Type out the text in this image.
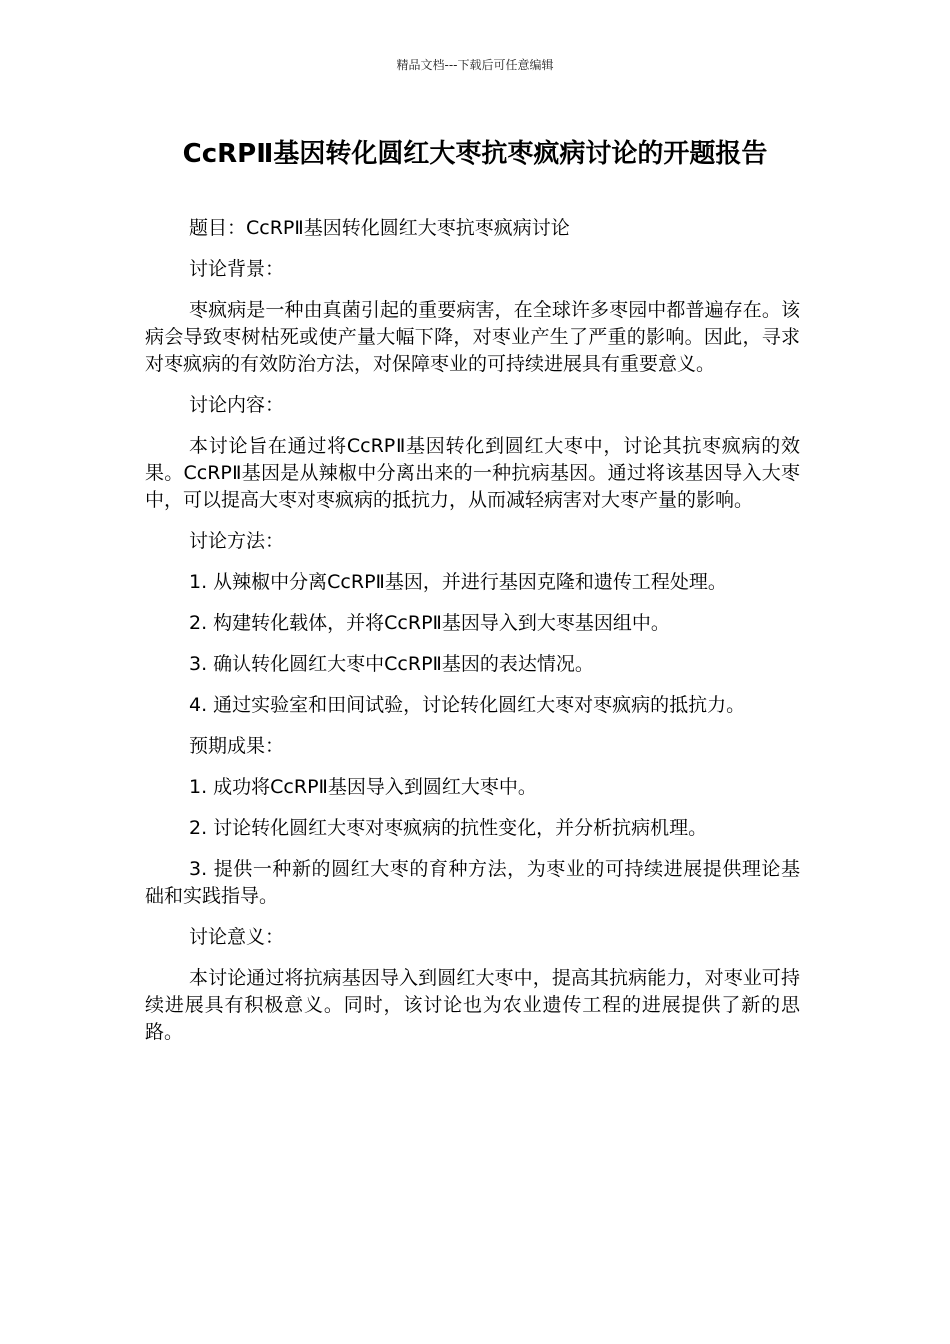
精品文档---下载后可任意编辑
CcRPⅡ基因转化圆红大枣抗枣疯病讨论的开题报告

题目：CcRPⅡ基因转化圆红大枣抗枣疯病讨论

讨论背景：

枣疯病是一种由真菌引起的重要病害，在全球许多枣园中都普遍存在。该病会导致枣树枯死或使产量大幅下降，对枣业产生了严重的影响。因此，寻求对枣疯病的有效防治方法，对保障枣业的可持续进展具有重要意义。

讨论内容：

本讨论旨在通过将CcRPⅡ基因转化到圆红大枣中，讨论其抗枣疯病的效果。CcRPⅡ基因是从辣椒中分离出来的一种抗病基因。通过将该基因导入大枣中，可以提高大枣对枣疯病的抵抗力，从而减轻病害对大枣产量的影响。

讨论方法：

1. 从辣椒中分离CcRPⅡ基因，并进行基因克隆和遗传工程处理。

2. 构建转化载体，并将CcRPⅡ基因导入到大枣基因组中。

3. 确认转化圆红大枣中CcRPⅡ基因的表达情况。

4. 通过实验室和田间试验，讨论转化圆红大枣对枣疯病的抵抗力。

预期成果：

1. 成功将CcRPⅡ基因导入到圆红大枣中。

2. 讨论转化圆红大枣对枣疯病的抗性变化，并分析抗病机理。

3. 提供一种新的圆红大枣的育种方法，为枣业的可持续进展提供理论基础和实践指导。

讨论意义：

本讨论通过将抗病基因导入到圆红大枣中，提高其抗病能力，对枣业可持续进展具有积极意义。同时，该讨论也为农业遗传工程的进展提供了新的思路。
